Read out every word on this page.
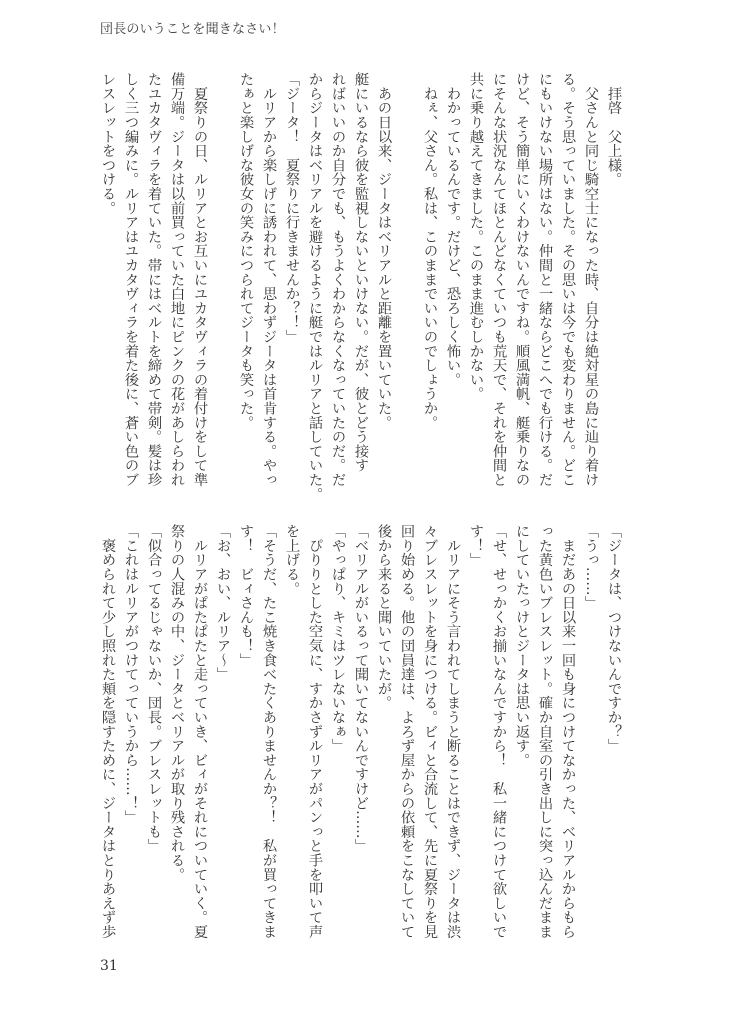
団長のいうことを聞きなさい！
　拝啓　父上様。
　父さんと同じ騎空士になった時、自分は絶対星の島に辿り着け
る。そう思っていました。その思いは今でも変わりません。どこ
にもいけない場所はない。仲間と一緒ならどこへでも行ける。だ
けど、そう簡単にいくわけないんですね。順風満帆、艇乗りなの
にそんな状況なんてほとんどなくていつも荒天で、それを仲間と
共に乗り越えてきました。このまま進むしかない。
　わかっているんです。だけど、恐ろしく怖い。
　ねぇ、父さん。私は、このままでいいのでしょうか。
　あの日以来、ジータはベリアルと距離を置いていた。
艇にいるなら彼を監視しないといけない。だが、彼とどう接す
ればいいのか自分でも、もうよくわからなくなっていたのだ。だ
からジータはベリアルを避けるように艇ではルリアと話していた。
「ジータ！　夏祭りに行きませんか？！」
　ルリアから楽しげに誘われて、思わずジータは首肯する。やっ
たぁと楽しげな彼女の笑みにつられてジータも笑った。
　夏祭りの日、ルリアとお互いにユカタヴィラの着付けをして準
備万端。ジータは以前買っていた白地にピンクの花があしらわれ
たユカタヴィラを着ていた。帯にはベルトを締めて帯剣。髪は珍
しく三つ編みに。ルリアはユカタヴィラを着た後に、蒼い色のブ
レスレットをつける。
「ジータは、つけないんですか？」
「うっ……」
　まだあの日以来一回も身につけてなかった、ベリアルからもら
った黄色いブレスレット。確か自室の引き出しに突っ込んだまま
にしていたっけとジータは思い返す。
「せ、せっかくお揃いなんですから！　私一緒につけて欲しいで
す！」
　ルリアにそう言われてしまうと断ることはできず、ジータは渋
々ブレスレットを身につける。ビィと合流して、先に夏祭りを見
回り始める。他の団員達は、よろず屋からの依頼をこなしていて
後から来ると聞いていたが。
「ベリアルがいるって聞いてないんですけど……」
「やっぱり、キミはツレないなぁ」
　ぴりりとした空気に、すかさずルリアがパンっと手を叩いて声
を上げる。
「そうだ、たこ焼き食べたくありませんか？！　私が買ってきま
す！　ビィさんも！」
「お、おい、ルリア〜」
　ルリアがぱたぱたと走っていき、ビィがそれについていく。夏
祭りの人混みの中、ジータとベリアルが取り残される。
「似合ってるじゃないか、団長。ブレスレットも」
「これはルリアがつけてっていうから……！」
　褒められて少し照れた頬を隠すために、ジータはとりあえず歩
31
